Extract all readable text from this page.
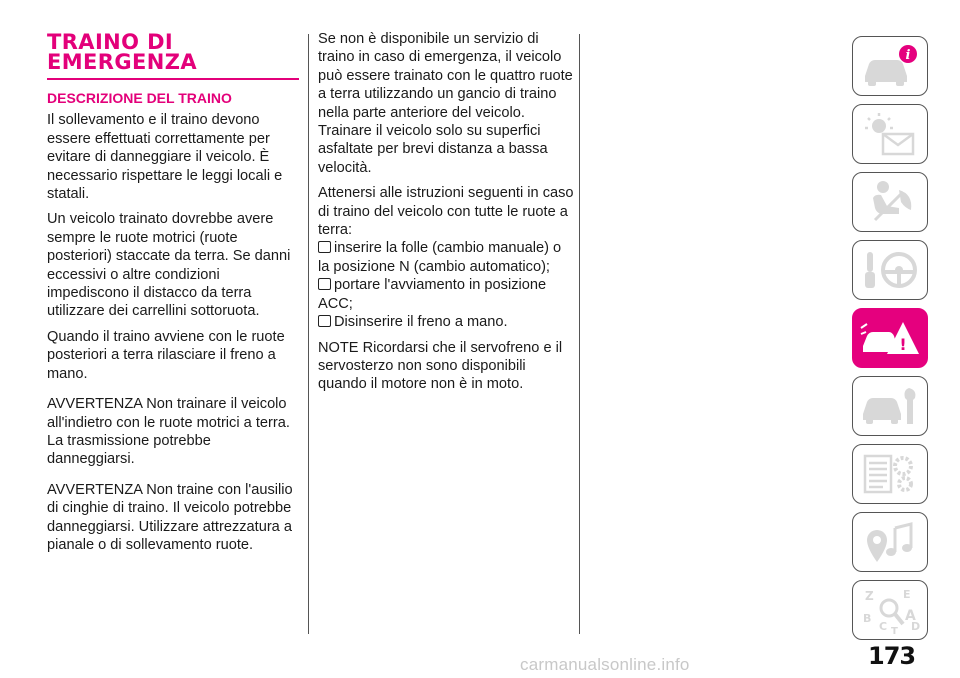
TRAINO DI
EMERGENZA
DESCRIZIONE DEL TRAINO

Il sollevamento e il traino devono essere effettuati correttamente per evitare di danneggiare il veicolo. È necessario rispettare le leggi locali e statali.

Un veicolo trainato dovrebbe avere sempre le ruote motrici (ruote posteriori) staccate da terra. Se danni eccessivi o altre condizioni impediscono il distacco da terra utilizzare dei carrellini sottoruota.

Quando il traino avviene con le ruote posteriori a terra rilasciare il freno a mano.

AVVERTENZA Non trainare il veicolo all'indietro con le ruote motrici a terra. La trasmissione potrebbe danneggiarsi.

AVVERTENZA Non traine con l'ausilio di cinghie di traino. Il veicolo potrebbe danneggiarsi. Utilizzare attrezzatura a pianale o di sollevamento ruote.

Se non è disponibile un servizio di traino in caso di emergenza, il veicolo può essere trainato con le quattro ruote a terra utilizzando un gancio di traino nella parte anteriore del veicolo. Trainare il veicolo solo su superfici asfaltate per brevi distanza a bassa velocità.

Attenersi alle istruzioni seguenti in caso di traino del veicolo con tutte le ruote a terra:

inserire la folle (cambio manuale) o la posizione N (cambio automatico);
portare l'avviamento in posizione ACC;
Disinserire il freno a mano.

NOTE Ricordarsi che il servofreno e il servosterzo non sono disponibili quando il motore non è in moto.

i
!
Z	E
B A
C D
T
173
carmanualsonline.info
